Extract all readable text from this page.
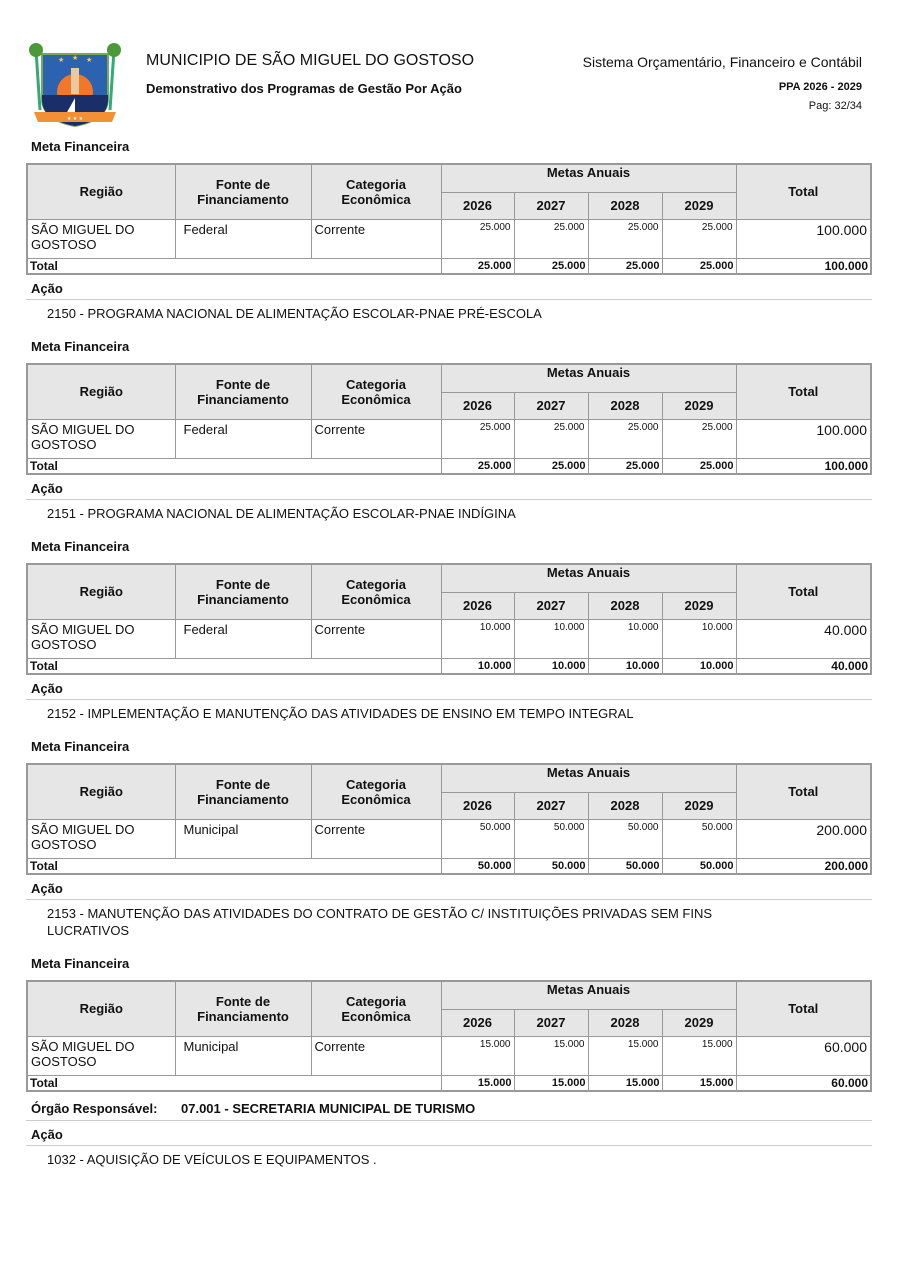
★ ★ ★
★ ★ ★	MUNICIPIO DE SÃO MIGUEL DO GOSTOSO
Demonstrativo dos Programas de Gestão Por Ação
Sistema Orçamentário, Financeiro e Contábil
PPA 2026 - 2029
Pag: 32/34
Meta Financeira
Região	Fonte de Financiamento	Categoria Econômica	Metas Anuais				Total
			2026	2027	2028	2029	
SÃO MIGUEL DO GOSTOSO	Federal	Corrente	25.000	25.000	25.000	25.000	100.000
Total			25.000	25.000	25.000	25.000	100.000
Ação
2150 - PROGRAMA NACIONAL DE ALIMENTAÇÃO ESCOLAR-PNAE PRÉ-ESCOLA
Meta Financeira
Região	Fonte de Financiamento	Categoria Econômica	Metas Anuais				Total
			2026	2027	2028	2029	
SÃO MIGUEL DO GOSTOSO	Federal	Corrente	25.000	25.000	25.000	25.000	100.000
Total			25.000	25.000	25.000	25.000	100.000
Ação
2151 - PROGRAMA NACIONAL DE ALIMENTAÇÃO ESCOLAR-PNAE INDÍGINA
Meta Financeira
Região	Fonte de Financiamento	Categoria Econômica	Metas Anuais				Total
			2026	2027	2028	2029	
SÃO MIGUEL DO GOSTOSO	Federal	Corrente	10.000	10.000	10.000	10.000	40.000
Total			10.000	10.000	10.000	10.000	40.000
Ação
2152 - IMPLEMENTAÇÃO E MANUTENÇÃO DAS ATIVIDADES DE ENSINO EM TEMPO INTEGRAL
Meta Financeira
Região	Fonte de Financiamento	Categoria Econômica	Metas Anuais				Total
			2026	2027	2028	2029	
SÃO MIGUEL DO GOSTOSO	Municipal	Corrente	50.000	50.000	50.000	50.000	200.000
Total			50.000	50.000	50.000	50.000	200.000
Ação
2153 - MANUTENÇÃO DAS ATIVIDADES DO CONTRATO DE GESTÃO C/ INSTITUIÇÕES PRIVADAS SEM FINS LUCRATIVOS
Meta Financeira
Região	Fonte de Financiamento	Categoria Econômica	Metas Anuais				Total
			2026	2027	2028	2029	
SÃO MIGUEL DO GOSTOSO	Municipal	Corrente	15.000	15.000	15.000	15.000	60.000
Total			15.000	15.000	15.000	15.000	60.000
Órgão Responsável:	07.001 - SECRETARIA MUNICIPAL DE TURISMO
Ação
1032 - AQUISIÇÃO DE VEÍCULOS E EQUIPAMENTOS .
